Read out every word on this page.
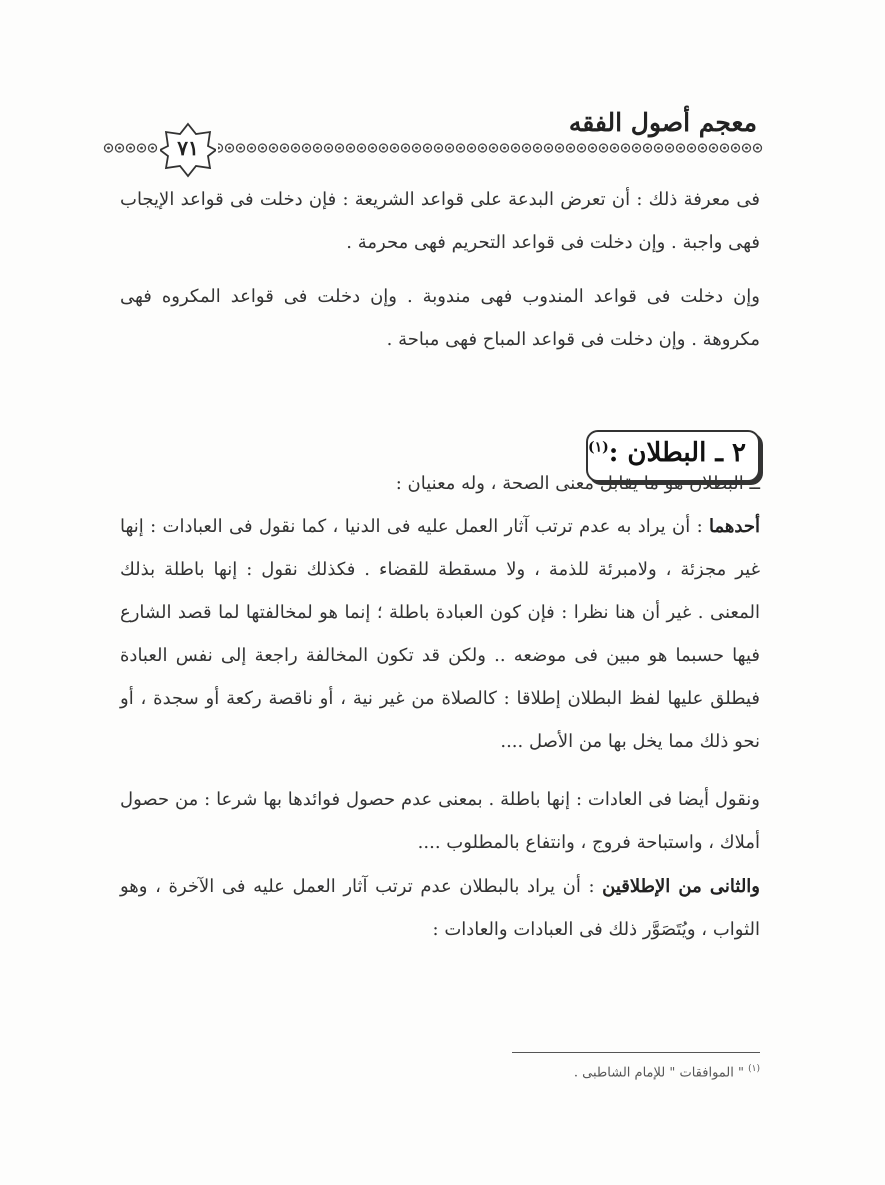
معجم أصول الفقه
٧١
فى معرفة ذلك : أن تعرض البدعة على قواعد الشريعة : فإن دخلت فى قواعد الإيجاب فهى واجبة . وإن دخلت فى قواعد التحريم فهى محرمة .
وإن دخلت فى قواعد المندوب فهى مندوبة . وإن دخلت فى قواعد المكروه فهى مكروهة . وإن دخلت فى قواعد المباح فهى مباحة .
٢ ـ البطلان :$^{(١)}$
ــ البطلان هو ما يقابل معنى الصحة ، وله معنيان :
أحدهما : أن يراد به عدم ترتب آثار العمل عليه فى الدنيا ، كما نقول فى العبادات : إنها غير مجزئة ، ولامبرئة للذمة ، ولا مسقطة للقضاء . فكذلك نقول : إنها باطلة بذلك المعنى . غير أن هنا نظرا : فإن كون العبادة باطلة ؛ إنما هو لمخالفتها لما قصد الشارع فيها حسبما هو مبين فى موضعه .. ولكن قد تكون المخالفة راجعة إلى نفس العبادة فيطلق عليها لفظ البطلان إطلاقا : كالصلاة من غير نية ، أو ناقصة ركعة أو سجدة ، أو نحو ذلك مما يخل بها من الأصل ....
ونقول أيضا فى العادات : إنها باطلة . بمعنى عدم حصول فوائدها بها شرعا : من حصول أملاك ، واستباحة فروج ، وانتفاع بالمطلوب ....
والثانى من الإطلاقين : أن يراد بالبطلان عدم ترتب آثار العمل عليه فى الآخرة ، وهو الثواب ، ويُتَصَوَّر ذلك فى العبادات والعادات :
$^{(١)}$ " الموافقات " للإمام الشاطبى .
